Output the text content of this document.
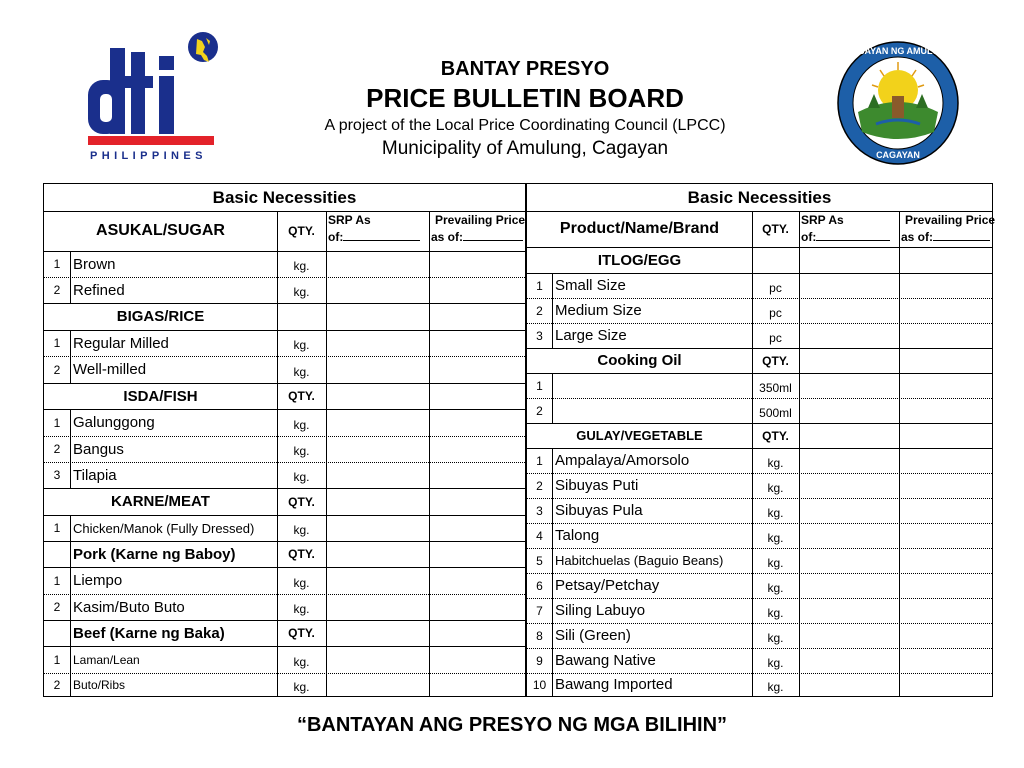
PHILIPPINES
BAYAN NG AMULUNG
CAGAYAN
BANTAY PRESYO
PRICE BULLETIN BOARD
A project of the Local Price Coordinating Council (LPCC)
Municipality of Amulung, Cagayan
Basic Necessities
ASUKAL/SUGAR	QTY.
SRP As
of:
Prevailing Price
as of:
1 Brown	kg.
2 Refined	kg.
BIGAS/RICE
1 Regular Milled	kg.
2 Well-milled	kg.
ISDA/FISH	QTY.
1 Galunggong	kg.
2 Bangus	kg.
3 Tilapia	kg.
KARNE/MEAT	QTY.
1 Chicken/Manok (Fully Dressed)	kg.
Pork (Karne ng Baboy)	QTY.
1 Liempo	kg.
2 Kasim/Buto Buto	kg.
Beef (Karne ng Baka)	QTY.
1	Laman/Lean	kg.
2	Buto/Ribs	kg.
Basic Necessities
Product/Name/Brand	QTY.
SRP As
of:
Prevailing Price
as of:
ITLOG/EGG
1 Small Size	pc
2 Medium Size	pc
3 Large Size	pc
Cooking Oil	QTY.
1	350ml
2	500ml
GULAY/VEGETABLE	QTY.
1 Ampalaya/Amorsolo	kg.
2 Sibuyas Puti	kg.
3 Sibuyas Pula	kg.
4 Talong	kg.
5 Habitchuelas (Baguio Beans)	kg.
6 Petsay/Petchay	kg.
7 Siling Labuyo	kg.
8 Sili (Green)	kg.
9 Bawang Native	kg.
10 Bawang Imported	kg.
“BANTAYAN ANG PRESYO NG MGA BILIHIN”
